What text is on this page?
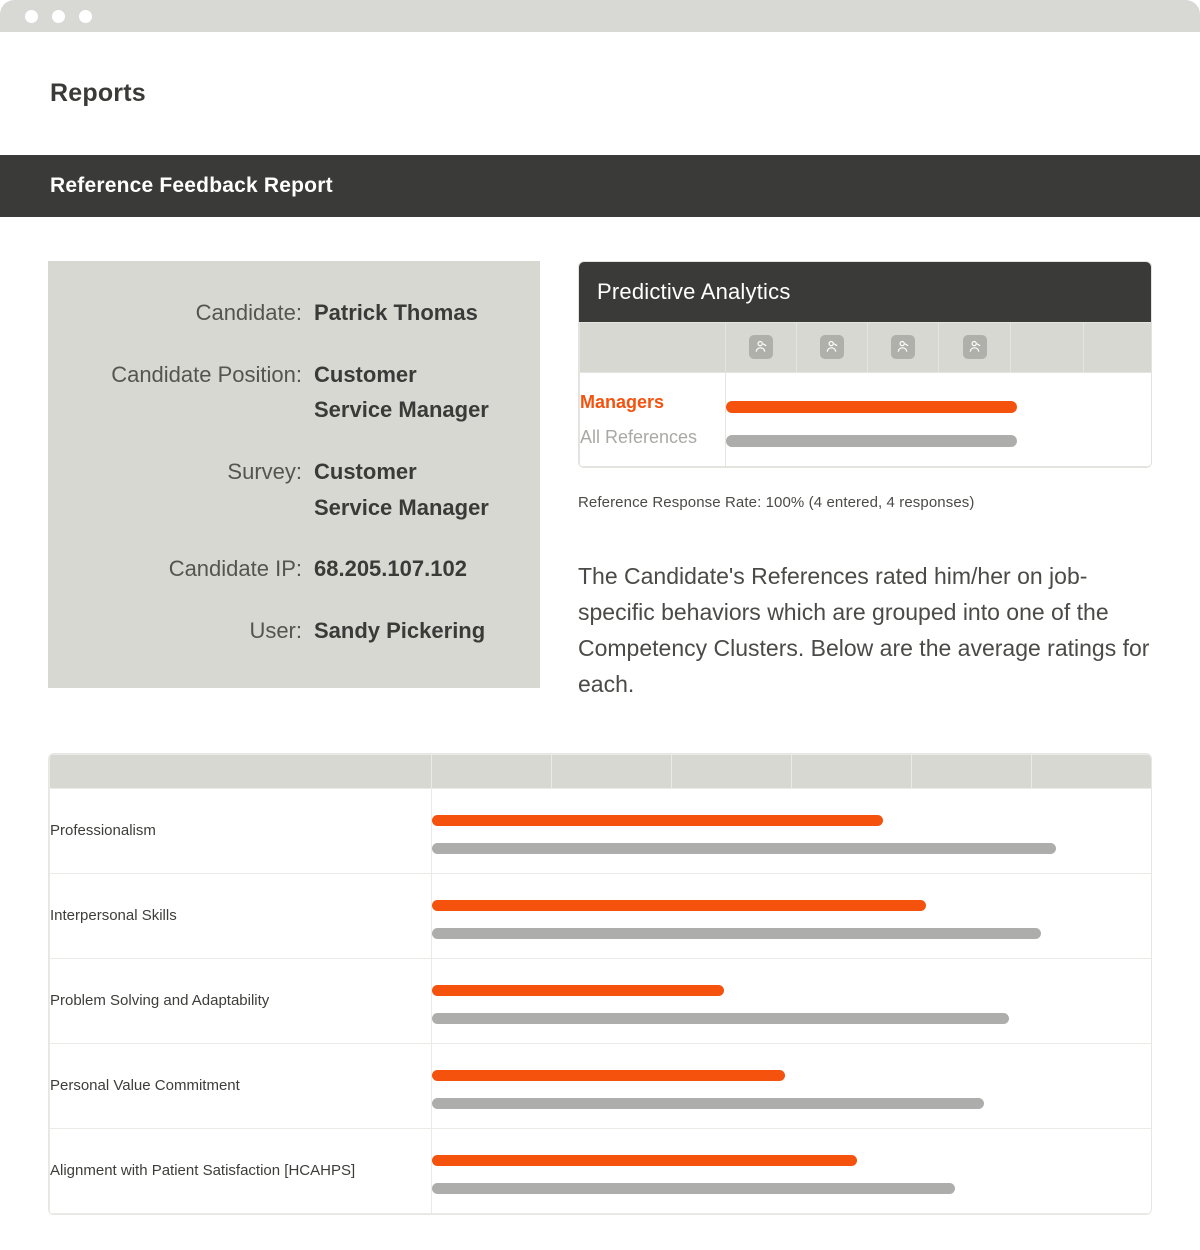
Reports
Reference Feedback Report
Candidate: Patrick Thomas
Candidate Position: Customer Service Manager
Survey: Customer Service Manager
Candidate IP: 68.205.107.102
User: Sandy Pickering
Predictive Analytics

Managers
All References						

Reference Response Rate: 100% (4 entered, 4 responses)

The Candidate's References rated him/her on job-specific behaviors which are grouped into one of the Competency Clusters. Below are the average ratings for each.

Professionalism						

Interpersonal Skills						

Problem Solving and Adaptability						

Personal Value Commitment						

Alignment with Patient Satisfaction [HCAHPS]						
